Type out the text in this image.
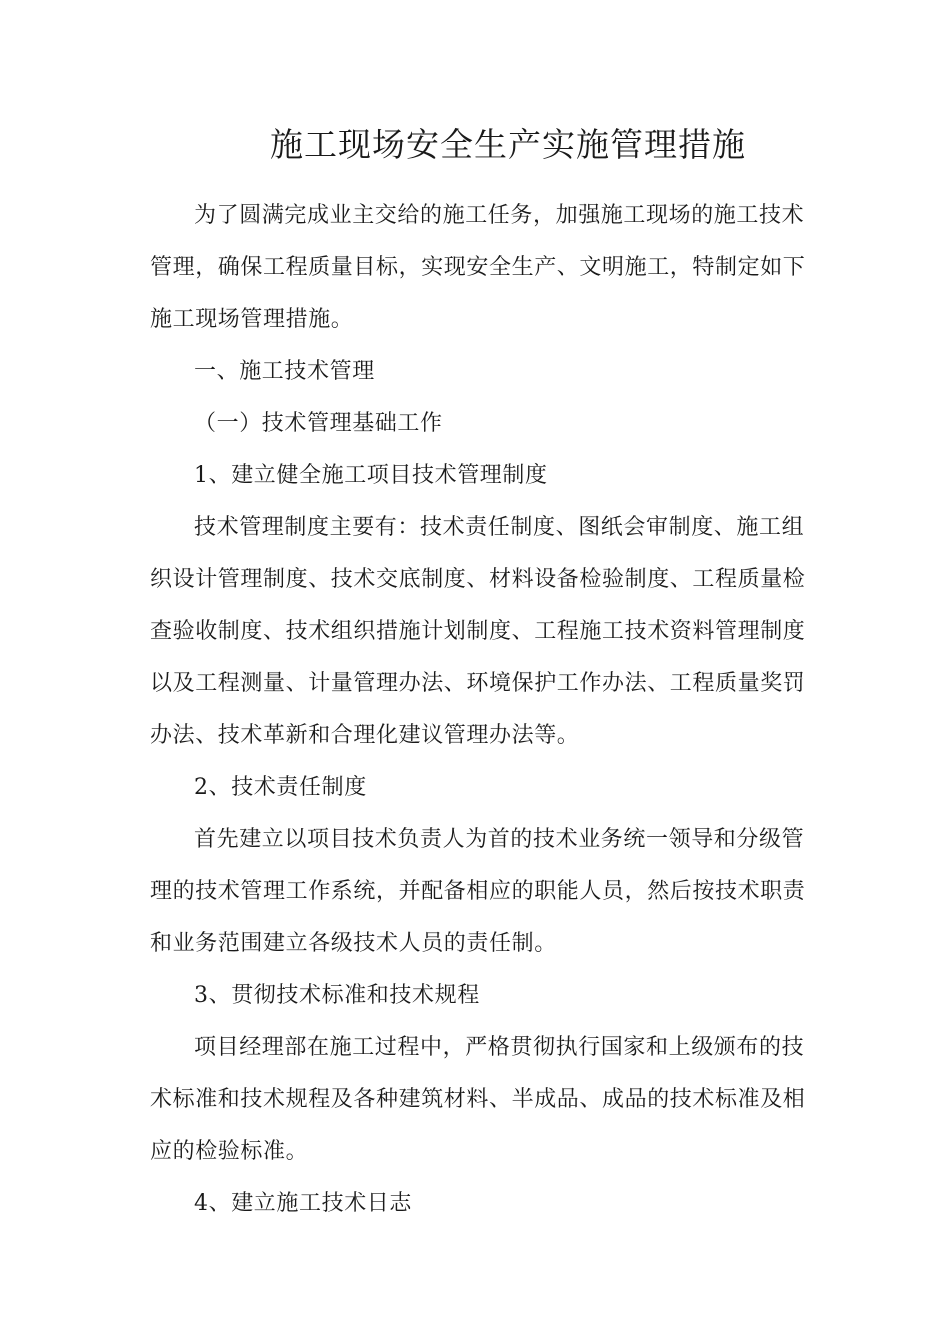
施工现场安全生产实施管理措施
为了圆满完成业主交给的施工任务，加强施工现场的施工技术
管理，确保工程质量目标，实现安全生产、文明施工，特制定如下
施工现场管理措施。
一、施工技术管理
（一）技术管理基础工作
1、建立健全施工项目技术管理制度
技术管理制度主要有：技术责任制度、图纸会审制度、施工组
织设计管理制度、技术交底制度、材料设备检验制度、工程质量检
查验收制度、技术组织措施计划制度、工程施工技术资料管理制度
以及工程测量、计量管理办法、环境保护工作办法、工程质量奖罚
办法、技术革新和合理化建议管理办法等。
2、技术责任制度
首先建立以项目技术负责人为首的技术业务统一领导和分级管
理的技术管理工作系统，并配备相应的职能人员，然后按技术职责
和业务范围建立各级技术人员的责任制。
3、贯彻技术标准和技术规程
项目经理部在施工过程中，严格贯彻执行国家和上级颁布的技
术标准和技术规程及各种建筑材料、半成品、成品的技术标准及相
应的检验标准。
4、建立施工技术日志
